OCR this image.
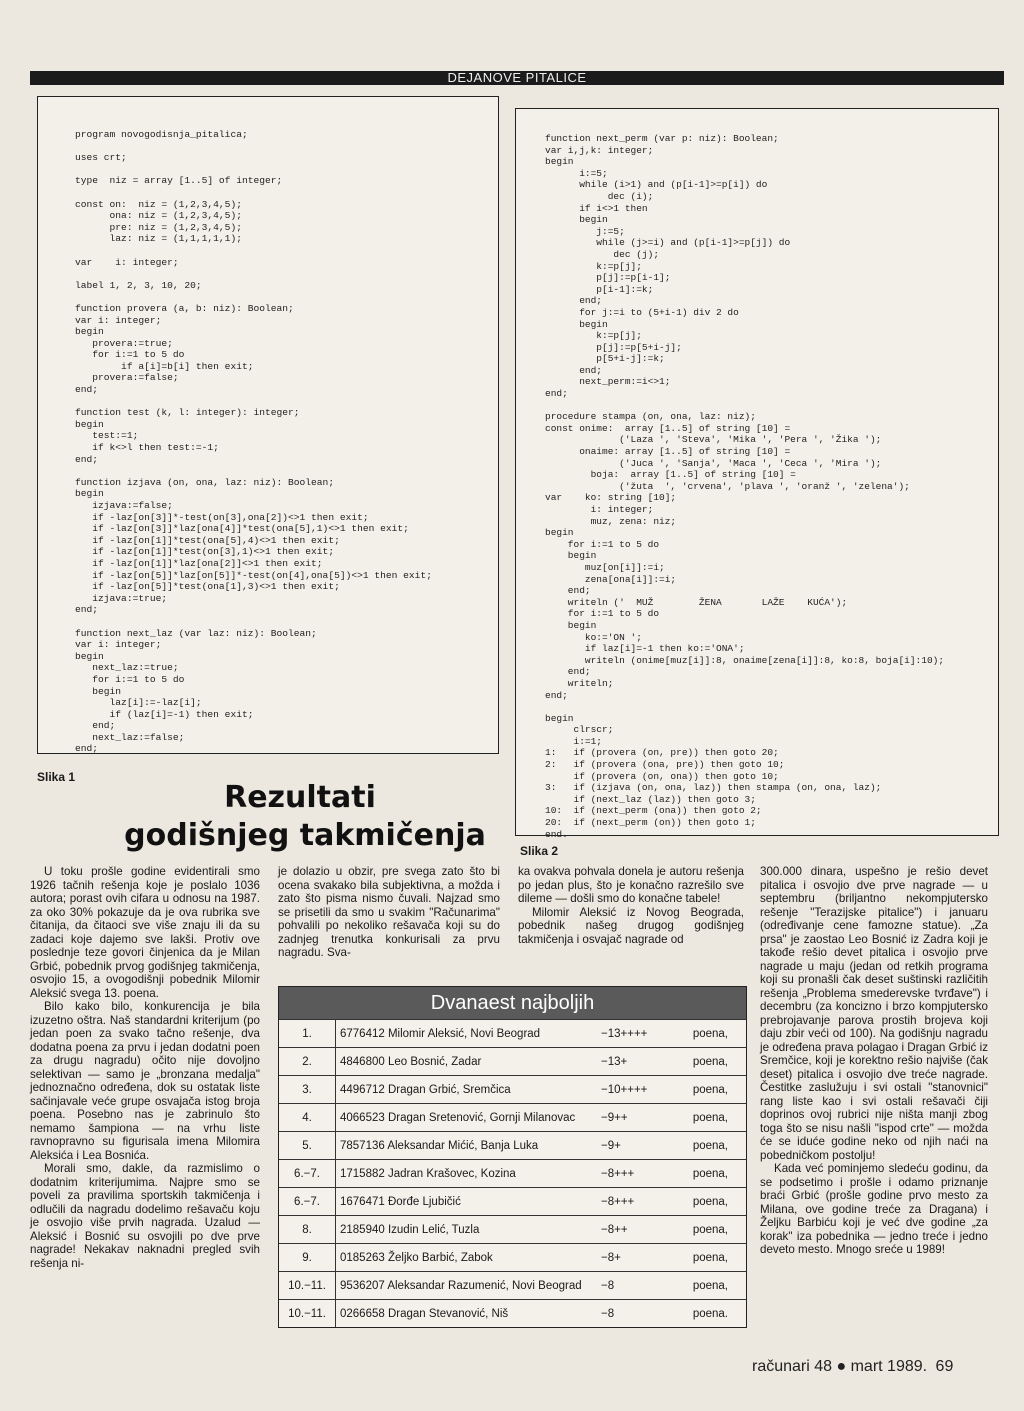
DEJANOVE PITALICE
program novogodisnja_pitalica;

uses crt;

type  niz = array [1..5] of integer;

const on:  niz = (1,2,3,4,5);
ona: niz = (1,2,3,4,5);
pre: niz = (1,2,3,4,5);
laz: niz = (1,1,1,1,1);

var    i: integer;

label 1, 2, 3, 10, 20;

function provera (a, b: niz): Boolean;
var i: integer;
begin
provera:=true;
for i:=1 to 5 do
if a[i]=b[i] then exit;
provera:=false;
end;

function test (k, l: integer): integer;
begin
test:=1;
if k<>l then test:=-1;
end;

function izjava (on, ona, laz: niz): Boolean;
begin
izjava:=false;
if -laz[on[3]]*-test(on[3],ona[2])<>1 then exit;
if -laz[on[3]]*laz[ona[4]]*test(ona[5],1)<>1 then exit;
if -laz[on[1]]*test(ona[5],4)<>1 then exit;
if -laz[on[1]]*test(on[3],1)<>1 then exit;
if -laz[on[1]]*laz[ona[2]]<>1 then exit;
if -laz[on[5]]*laz[on[5]]*-test(on[4],ona[5])<>1 then exit;
if -laz[on[5]]*test(ona[1],3)<>1 then exit;
izjava:=true;
end;

function next_laz (var laz: niz): Boolean;
var i: integer;
begin
next_laz:=true;
for i:=1 to 5 do
begin
laz[i]:=-laz[i];
if (laz[i]=-1) then exit;
end;
next_laz:=false;
end;
Slika 1
function next_perm (var p: niz): Boolean;
var i,j,k: integer;
begin
i:=5;
while (i>1) and (p[i-1]>=p[i]) do
dec (i);
if i<>1 then
begin
j:=5;
while (j>=i) and (p[i-1]>=p[j]) do
dec (j);
k:=p[j];
p[j]:=p[i-1];
p[i-1]:=k;
end;
for j:=i to (5+i-1) div 2 do
begin
k:=p[j];
p[j]:=p[5+i-j];
p[5+i-j]:=k;
end;
next_perm:=i<>1;
end;

procedure stampa (on, ona, laz: niz);
const onime:  array [1..5] of string [10] =
('Laza ', 'Steva', 'Mika ', 'Pera ', 'Žika ');
onaime: array [1..5] of string [10] =
('Juca ', 'Sanja', 'Maca ', 'Ceca ', 'Mira ');
boja:  array [1..5] of string [10] =
('žuta  ', 'crvena', 'plava ', 'oranž ', 'zelena');
var    ko: string [10];
i: integer;
muz, zena: niz;
begin
for i:=1 to 5 do
begin
muz[on[i]]:=i;
zena[ona[i]]:=i;
end;
writeln ('  MUŽ        ŽENA       LAŽE    KUĆA');
for i:=1 to 5 do
begin
ko:='ON ';
if laz[i]=-1 then ko:='ONA';
writeln (onime[muz[i]]:8, onaime[zena[i]]:8, ko:8, boja[i]:10);
end;
writeln;
end;

begin
clrscr;
i:=1;
1:   if (provera (on, pre)) then goto 20;
2:   if (provera (ona, pre)) then goto 10;
if (provera (on, ona)) then goto 10;
3:   if (izjava (on, ona, laz)) then stampa (on, ona, laz);
if (next_laz (laz)) then goto 3;
10:  if (next_perm (ona)) then goto 2;
20:  if (next_perm (on)) then goto 1;
end.
Slika 2
Rezultati
godišnjeg takmičenja

U toku prošle godine evidentirali smo 1926 tačnih rešenja koje je poslalo 1036 autora; porast ovih cifara u odnosu na 1987. za oko 30% pokazuje da je ova rubrika sve čitanija, da čitaoci sve više znaju ili da su zadaci koje dajemo sve lakši. Protiv ove poslednje teze govori činjenica da je Milan Grbić, pobednik prvog godišnjeg takmičenja, osvojio 15, a ovogodišnji pobednik Milomir Aleksić svega 13. poena.

Bilo kako bilo, konkurencija je bila izuzetno oštra. Naš standardni kriterijum (po jedan poen za svako tačno rešenje, dva dodatna poena za prvu i jedan dodatni poen za drugu nagradu) očito nije dovoljno selektivan — samo je „bronzana medalja" jednoznačno određena, dok su ostatak liste sačinjavale veće grupe osvajača istog broja poena. Posebno nas je zabrinulo što nemamo šampiona — na vrhu liste ravnopravno su figurisala imena Milomira Aleksića i Lea Bosnića.

Morali smo, dakle, da razmislimo o dodatnim kriterijumima. Najpre smo se poveli za pravilima sportskih takmičenja i odlučili da nagradu dodelimo rešavaču koju je osvojio više prvih nagrada. Uzalud — Aleksić i Bosnić su osvojili po dve prve nagrade! Nekakav naknadni pregled svih rešenja ni-

je dolazio u obzir, pre svega zato što bi ocena svakako bila subjektivna, a možda i zato što pisma nismo čuvali. Najzad smo se prisetili da smo u svakim "Računarima" pohvalili po nekoliko rešavača koji su do zadnjeg trenutka konkurisali za prvu nagradu. Sva-

ka ovakva pohvala donela je autoru rešenja po jedan plus, što je konačno razrešilo sve dileme — došli smo do konačne tabele!

Milomir Aleksić iz Novog Beograda, pobednik našeg drugog godišnjeg takmičenja i osvajač nagrade od

300.000 dinara, uspešno je rešio devet pitalica i osvojio dve prve nagrade — u septembru (briljantno nekompjutersko rešenje "Terazijske pitalice") i januaru (određivanje cene famozne statue). „Za prsa" je zaostao Leo Bosnić iz Zadra koji je takođe rešio devet pitalica i osvojio prve nagrade u maju (jedan od retkih programa koji su pronašli čak deset suštinski različitih rešenja „Problema smederevske tvrđave") i decembru (za koncizno i brzo kompjutersko prebrojavanje parova prostih brojeva koji daju zbir veći od 100). Na godišnju nagradu je određena prava polagao i Dragan Grbić iz Sremčice, koji je korektno rešio najviše (čak deset) pitalica i osvojio dve treće nagrade. Čestitke zaslužuju i svi ostali "stanovnici" rang liste kao i svi ostali rešavači čiji doprinos ovoj rubrici nije ništa manji zbog toga što se nisu našli "ispod crte" — možda će se iduće godine neko od njih naći na pobedničkom postolju!

Kada već pominjemo sledeću godinu, da se podsetimo i prošle i odamo priznanje braći Grbić (prošle godine prvo mesto za Milana, ove godine treće za Dragana) i Željku Barbiću koji je već dve godine „za korak" iza pobednika — jedno treće i jedno deveto mesto. Mnogo sreće u 1989!

Dvanaest najboljih
1.	6776412 Milomir Aleksić, Novi Beograd	−13++++	poena,
2.	4846800 Leo Bosnić, Zadar	−13+	poena,
3.	4496712 Dragan Grbić, Sremčica	−10++++	poena,
4.	4066523 Dragan Sretenović, Gornji Milanovac	−9++	poena,
5.	7857136 Aleksandar Mićić, Banja Luka	−9+	poena,
6.−7.	1715882 Jadran Krašovec, Kozina	−8+++	poena,
6.−7.	1676471 Đorđe Ljubičić	−8+++	poena,
8.	2185940 Izudin Lelić, Tuzla	−8++	poena,
9.	0185263 Željko Barbić, Zabok	−8+	poena,
10.−11.	9536207 Aleksandar Razumenić, Novi Beograd	−8	poena,
10.−11.	0266658 Dragan Stevanović, Niš	−8	poena.
računari 48 ● mart 1989. 69
